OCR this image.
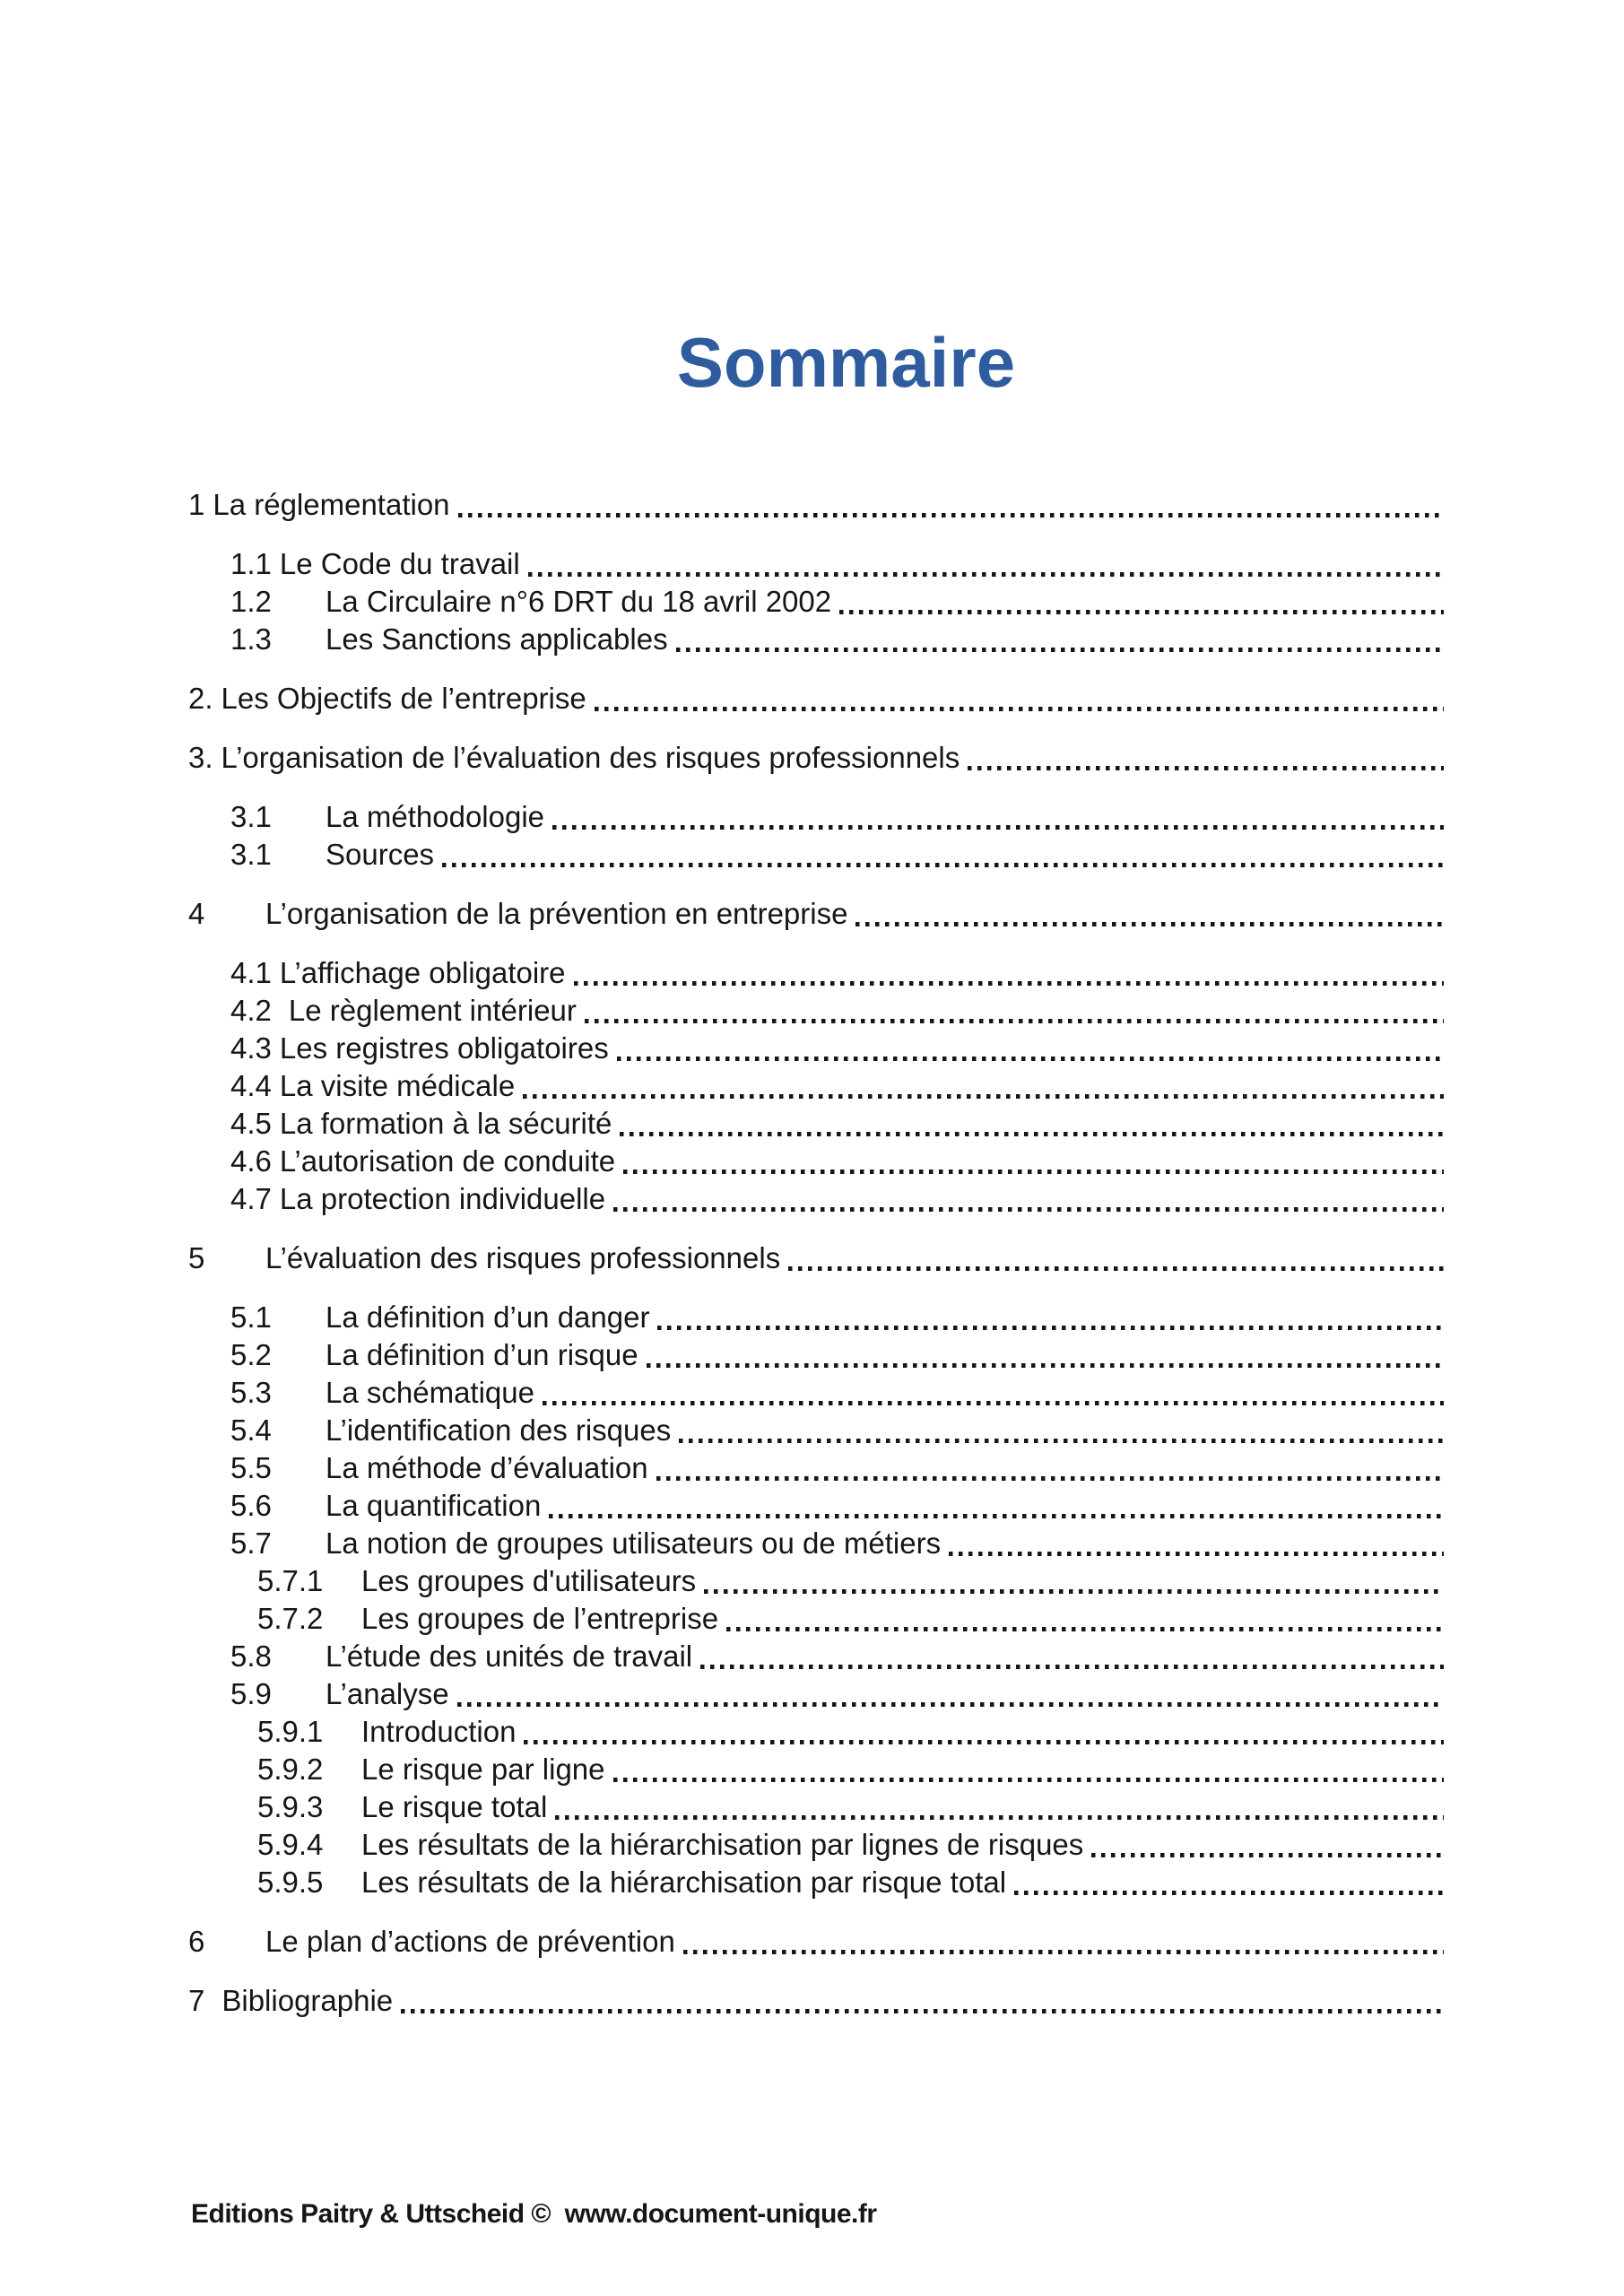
Sommaire
1 La réglementation
1.1 Le Code du travail
1.2	La Circulaire n°6 DRT du 18 avril 2002
1.3	Les Sanctions applicables
2. Les Objectifs de l’entreprise
3. L’organisation de l’évaluation des risques professionnels
3.1	La méthodologie
3.1	Sources
4	L’organisation de la prévention en entreprise
4.1 L’affichage obligatoire
4.2 Le règlement intérieur
4.3 Les registres obligatoires
4.4 La visite médicale
4.5 La formation à la sécurité
4.6 L’autorisation de conduite
4.7 La protection individuelle
5	L’évaluation des risques professionnels
5.1	La définition d’un danger
5.2	La définition d’un risque
5.3	La schématique
5.4	L’identification des risques
5.5	La méthode d’évaluation
5.6	La quantification
5.7	La notion de groupes utilisateurs ou de métiers
5.7.1	Les groupes d'utilisateurs
5.7.2	Les groupes de l’entreprise
5.8	L’étude des unités de travail
5.9	L’analyse
5.9.1	Introduction
5.9.2	Le risque par ligne
5.9.3	Le risque total
5.9.4	Les résultats de la hiérarchisation par lignes de risques
5.9.5	Les résultats de la hiérarchisation par risque total
6	Le plan d’actions de prévention
7 Bibliographie
Editions Paitry & Uttscheid ©  www.document-unique.fr
